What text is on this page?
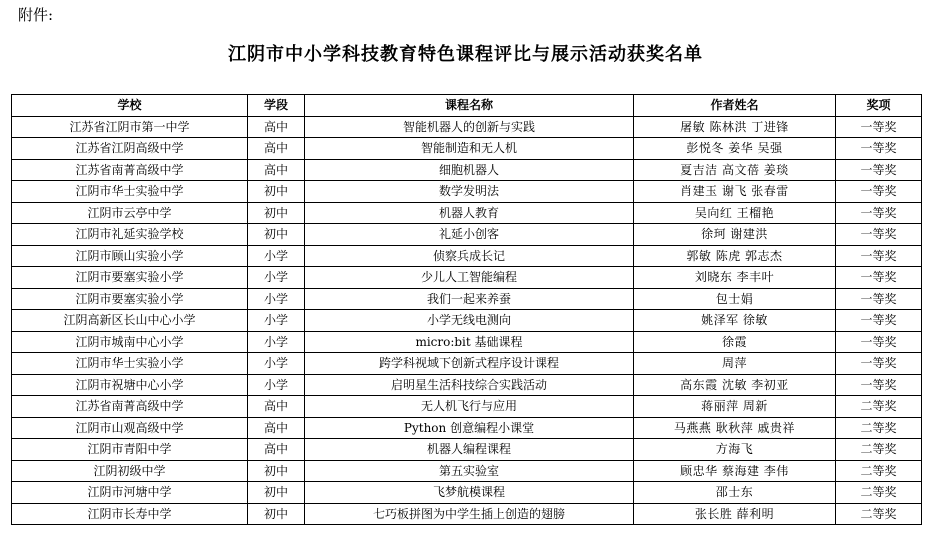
附件:
江阴市中小学科技教育特色课程评比与展示活动获奖名单
学校	学段	课程名称	作者姓名	奖项
江苏省江阴市第一中学	高中	智能机器人的创新与实践	屠敏 陈林洪 丁进锋	一等奖
江苏省江阴高级中学	高中	智能制造和无人机	彭悦冬 姜华 吴强	一等奖
江苏省南菁高级中学	高中	细胞机器人	夏吉洁 高文蓓 姜琰	一等奖
江阴市华士实验中学	初中	数学发明法	肖建玉 谢飞 张春雷	一等奖
江阴市云亭中学	初中	机器人教育	吴向红 王榴艳	一等奖
江阴市礼延实验学校	初中	礼延小创客	徐珂 谢建洪	一等奖
江阴市顾山实验小学	小学	侦察兵成长记	郭敏 陈虎 郭志杰	一等奖
江阴市要塞实验小学	小学	少儿人工智能编程	刘晓东 李丰叶	一等奖
江阴市要塞实验小学	小学	我们一起来养蚕	包士娟	一等奖
江阴高新区长山中心小学	小学	小学无线电测向	姚泽军 徐敏	一等奖
江阴市城南中心小学	小学	micro:bit 基础课程	徐霞	一等奖
江阴市华士实验小学	小学	跨学科视域下创新式程序设计课程	周萍	一等奖
江阴市祝塘中心小学	小学	启明星生活科技综合实践活动	高东霞 沈敏 李初亚	一等奖
江苏省南菁高级中学	高中	无人机飞行与应用	蒋丽萍 周新	二等奖
江阴市山观高级中学	高中	Python 创意编程小课堂	马燕燕 耿秋萍 戚贵祥	二等奖
江阴市青阳中学	高中	机器人编程课程	方海飞	二等奖
江阴初级中学	初中	第五实验室	顾忠华 蔡海建 李伟	二等奖
江阴市河塘中学	初中	飞梦航模课程	邵士东	二等奖
江阴市长寿中学	初中	七巧板拼图为中学生插上创造的翅膀	张长胜 薛利明	二等奖
